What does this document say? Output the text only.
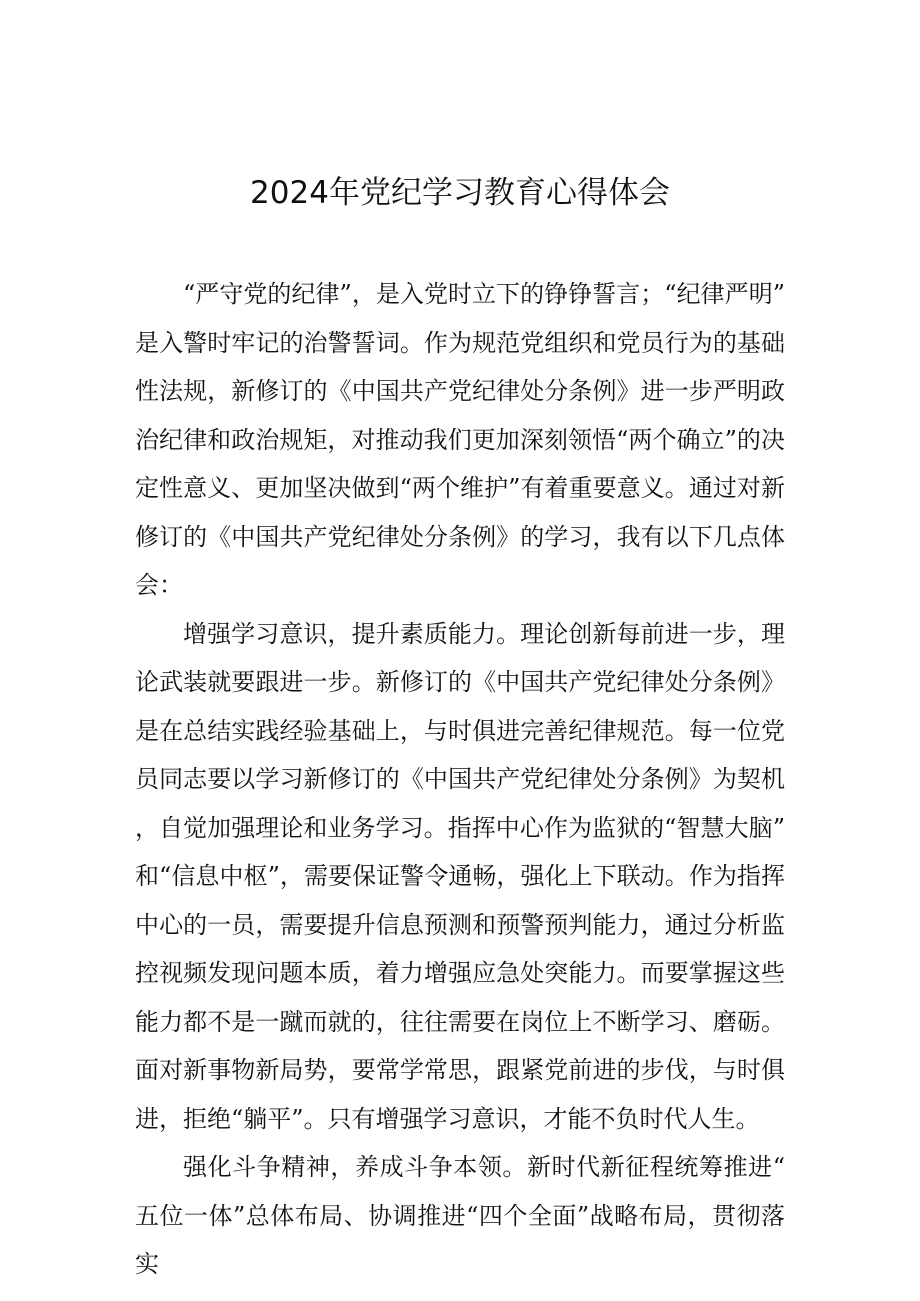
2024年党纪学习教育心得体会

“严守党的纪律”，是入党时立下的铮铮誓言；“纪律严明”是入警时牢记的治警誓词。作为规范党组织和党员行为的基础性法规，新修订的《中国共产党纪律处分条例》进一步严明政治纪律和政治规矩，对推动我们更加深刻领悟“两个确立”的决定性意义、更加坚决做到“两个维护”有着重要意义。通过对新修订的《中国共产党纪律处分条例》的学习，我有以下几点体会：

增强学习意识，提升素质能力。理论创新每前进一步，理论武装就要跟进一步。新修订的《中国共产党纪律处分条例》是在总结实践经验基础上，与时俱进完善纪律规范。每一位党员同志要以学习新修订的《中国共产党纪律处分条例》为契机，自觉加强理论和业务学习。指挥中心作为监狱的“智慧大脑”和“信息中枢”，需要保证警令通畅，强化上下联动。作为指挥中心的一员，需要提升信息预测和预警预判能力，通过分析监控视频发现问题本质，着力增强应急处突能力。而要掌握这些能力都不是一蹴而就的，往往需要在岗位上不断学习、磨砺。面对新事物新局势，要常学常思，跟紧党前进的步伐，与时俱进，拒绝“躺平”。只有增强学习意识，才能不负时代人生。

强化斗争精神，养成斗争本领。新时代新征程统筹推进“五位一体”总体布局、协调推进“四个全面”战略布局，贯彻落实
